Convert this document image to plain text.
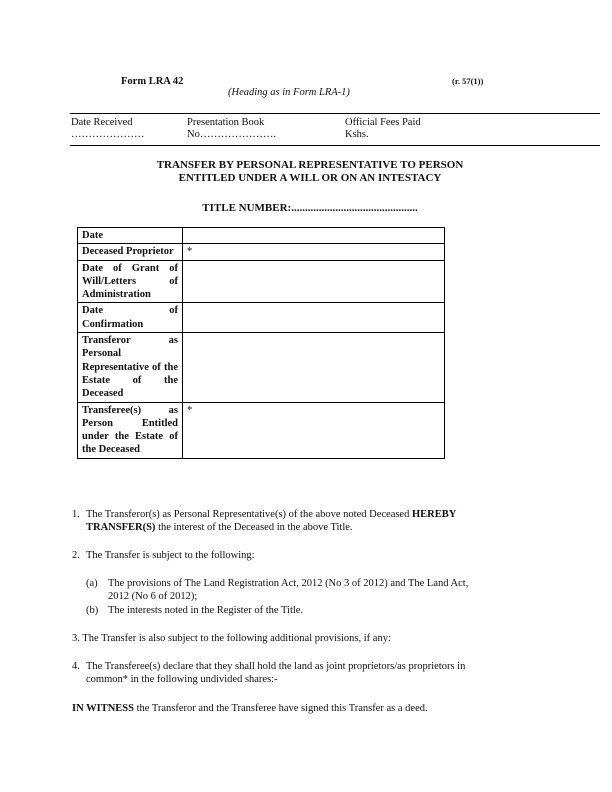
Form LRA 42	(r. 57(1))
(Heading as in Form LRA-1)
Date Received
…………………
Presentation Book
No………………….
Official Fees Paid
Kshs.
TRANSFER BY PERSONAL REPRESENTATIVE TO PERSON
ENTITLED UNDER A WILL OR ON AN INTESTACY
TITLE NUMBER:..............................................
Date	
Deceased Proprietor	*
Date of Grant of Will/Letters of Administration	
Date of Confirmation	
Transferor as Personal Representative of the Estate of the Deceased	
Transferee(s) as Person Entitled under the Estate of the Deceased	*
1. The Transferor(s) as Personal Representative(s) of the above noted Deceased HEREBY
TRANSFER(S) the interest of the Deceased in the above Title.
2. The Transfer is subject to the following:
(a) The provisions of The Land Registration Act, 2012 (No 3 of 2012) and The Land Act,
2012 (No 6 of 2012);
(b) The interests noted in the Register of the Title.
3. The Transfer is also subject to the following additional provisions, if any:
4. The Transferee(s) declare that they shall hold the land as joint proprietors/as proprietors in
common* in the following undivided shares:-
IN WITNESS the Transferor and the Transferee have signed this Transfer as a deed.
